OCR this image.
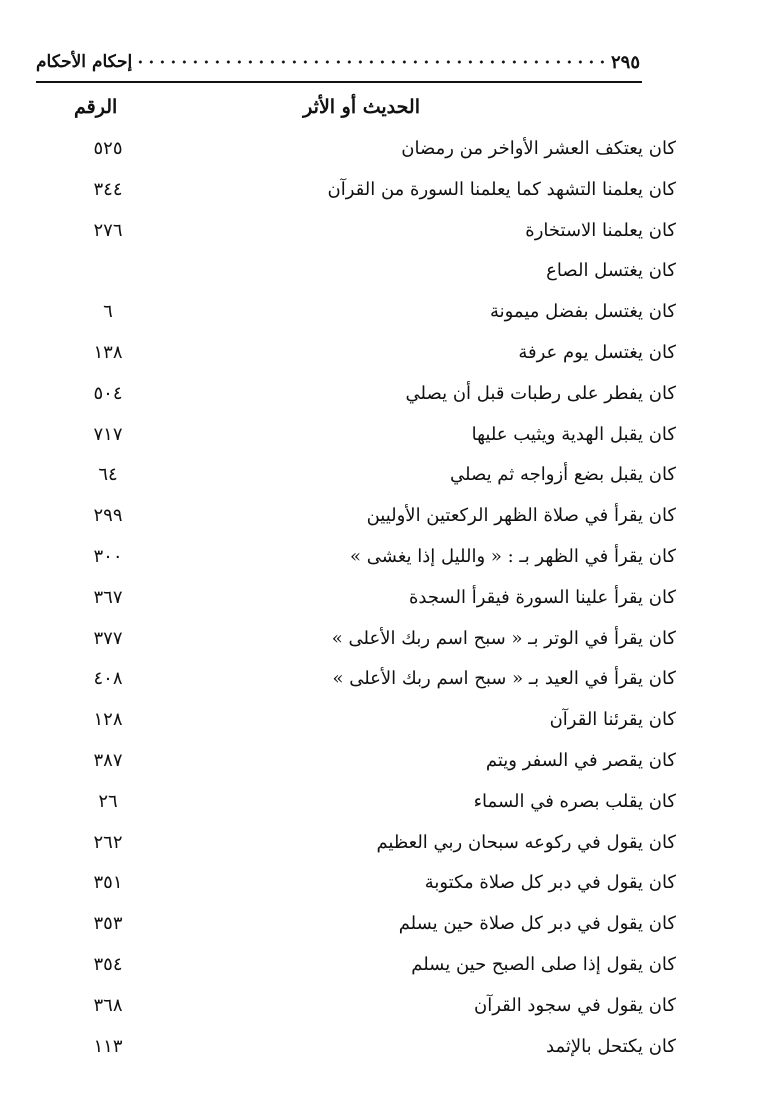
٢٩٥
إحكام الأحكام
الحديث أو الأثر
الرقم
كان يعتكف العشر الأواخر من رمضان
٥٢٥
كان يعلمنا التشهد كما يعلمنا السورة من القرآن
٣٤٤
كان يعلمنا الاستخارة
٢٧٦
كان يغتسل الصاع
كان يغتسل بفضل ميمونة
٦
كان يغتسل يوم عرفة
١٣٨
كان يفطر على رطبات قبل أن يصلي
٥٠٤
كان يقبل الهدية ويثيب عليها
٧١٧
كان يقبل بضع أزواجه ثم يصلي
٦٤
كان يقرأ في صلاة الظهر الركعتين الأوليين
٢٩٩
كان يقرأ في الظهر بـ : « والليل إذا يغشى »
٣٠٠
كان يقرأ علينا السورة فيقرأ السجدة
٣٦٧
كان يقرأ في الوتر بـ « سبح اسم ربك الأعلى »
٣٧٧
كان يقرأ في العيد بـ « سبح اسم ربك الأعلى »
٤٠٨
كان يقرئنا القرآن
١٢٨
كان يقصر في السفر ويتم
٣٨٧
كان يقلب بصره في السماء
٢٦
كان يقول في ركوعه سبحان ربي العظيم
٢٦٢
كان يقول في دبر كل صلاة مكتوبة
٣٥١
كان يقول في دبر كل صلاة حين يسلم
٣٥٣
كان يقول إذا صلى الصبح حين يسلم
٣٥٤
كان يقول في سجود القرآن
٣٦٨
كان يكتحل بالإثمد
١١٣
